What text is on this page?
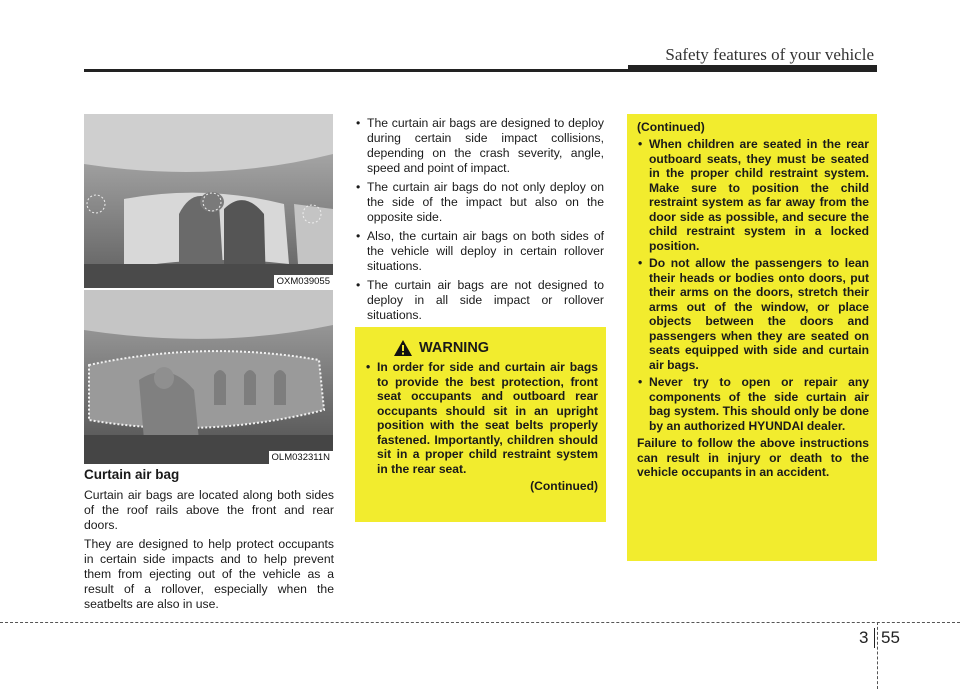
Safety features of your vehicle
OXM039055
OLM032311N
Curtain air bag

Curtain air bags are located along both sides of the roof rails above the front and rear doors.

They are designed to help protect occupants in certain side impacts and to help prevent them from ejecting out of the vehicle as a result of a rollover, especially when the seatbelts are also in use.

• The curtain air bags are designed to deploy during certain side impact collisions, depending on the crash severity, angle, speed and point of impact.
• The curtain air bags do not only deploy on the side of the impact but also on the opposite side.
• Also, the curtain air bags on both sides of the vehicle will deploy in certain rollover situations.
• The curtain air bags are not designed to deploy in all side impact or rollover situations.
WARNING
• In order for side and curtain air bags to provide the best protection, front seat occupants and outboard rear occupants should sit in an upright position with the seat belts properly fastened. Importantly, children should sit in a proper child restraint system in the rear seat.
(Continued)
(Continued)
• When children are seated in the rear outboard seats, they must be seated in the proper child restraint system. Make sure to position the child restraint system as far away from the door side as possible, and secure the child restraint system in a locked position.
• Do not allow the passengers to lean their heads or bodies onto doors, put their arms on the doors, stretch their arms out of the window, or place objects between the doors and passengers when they are seated on seats equipped with side and curtain air bags.
• Never try to open or repair any components of the side curtain air bag system. This should only be done by an authorized HYUNDAI dealer.

Failure to follow the above instructions can result in injury or death to the vehicle occupants in an accident.

3 55
